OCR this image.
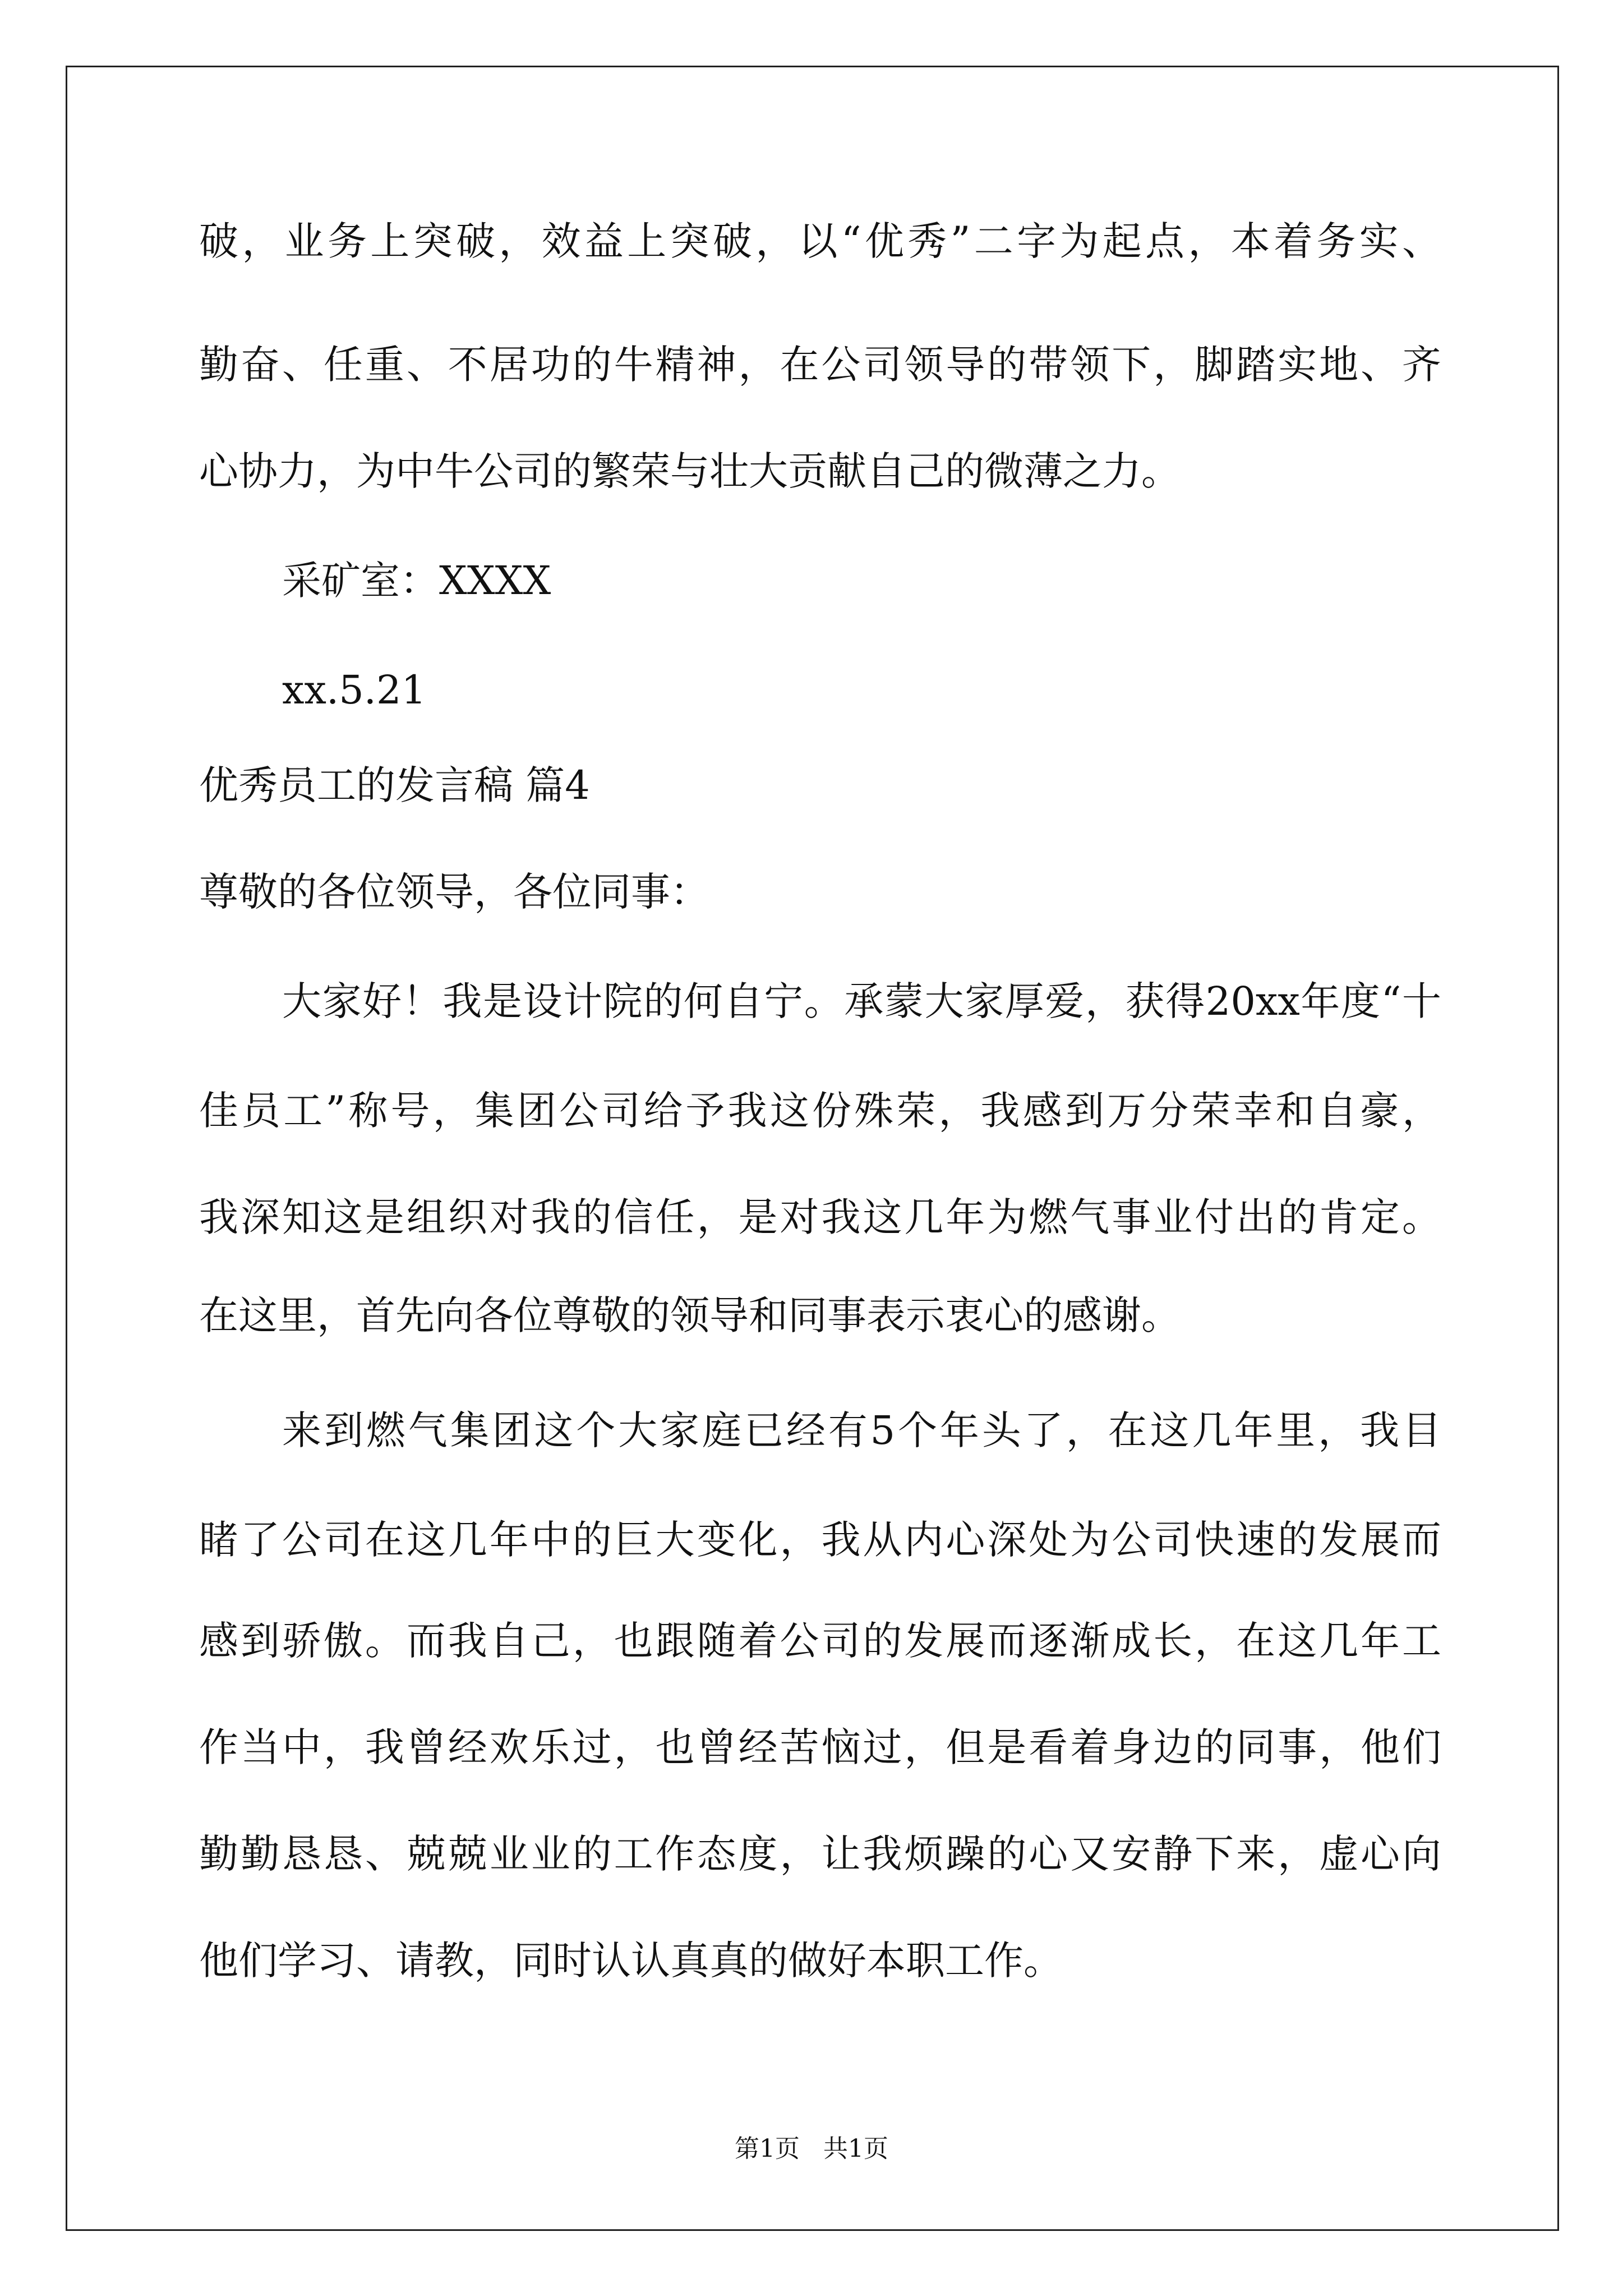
破，业务上突破，效益上突破，以“优秀”二字为起点，本着务实、
勤奋、任重、不居功的牛精神，在公司领导的带领下，脚踏实地、齐
心协力，为中牛公司的繁荣与壮大贡献自己的微薄之力。
采矿室：XXXX
xx.5.21
优秀员工的发言稿 篇4
尊敬的各位领导，各位同事：
大家好！我是设计院的何自宁。承蒙大家厚爱，获得20xx年度“十
佳员工”称号，集团公司给予我这份殊荣，我感到万分荣幸和自豪，
我深知这是组织对我的信任，是对我这几年为燃气事业付出的肯定。
在这里，首先向各位尊敬的领导和同事表示衷心的感谢。
来到燃气集团这个大家庭已经有5个年头了，在这几年里，我目
睹了公司在这几年中的巨大变化，我从内心深处为公司快速的发展而
感到骄傲。而我自己，也跟随着公司的发展而逐渐成长，在这几年工
作当中，我曾经欢乐过，也曾经苦恼过，但是看着身边的同事，他们
勤勤恳恳、兢兢业业的工作态度，让我烦躁的心又安静下来，虚心向
他们学习、请教，同时认认真真的做好本职工作。
第1页   共1页
